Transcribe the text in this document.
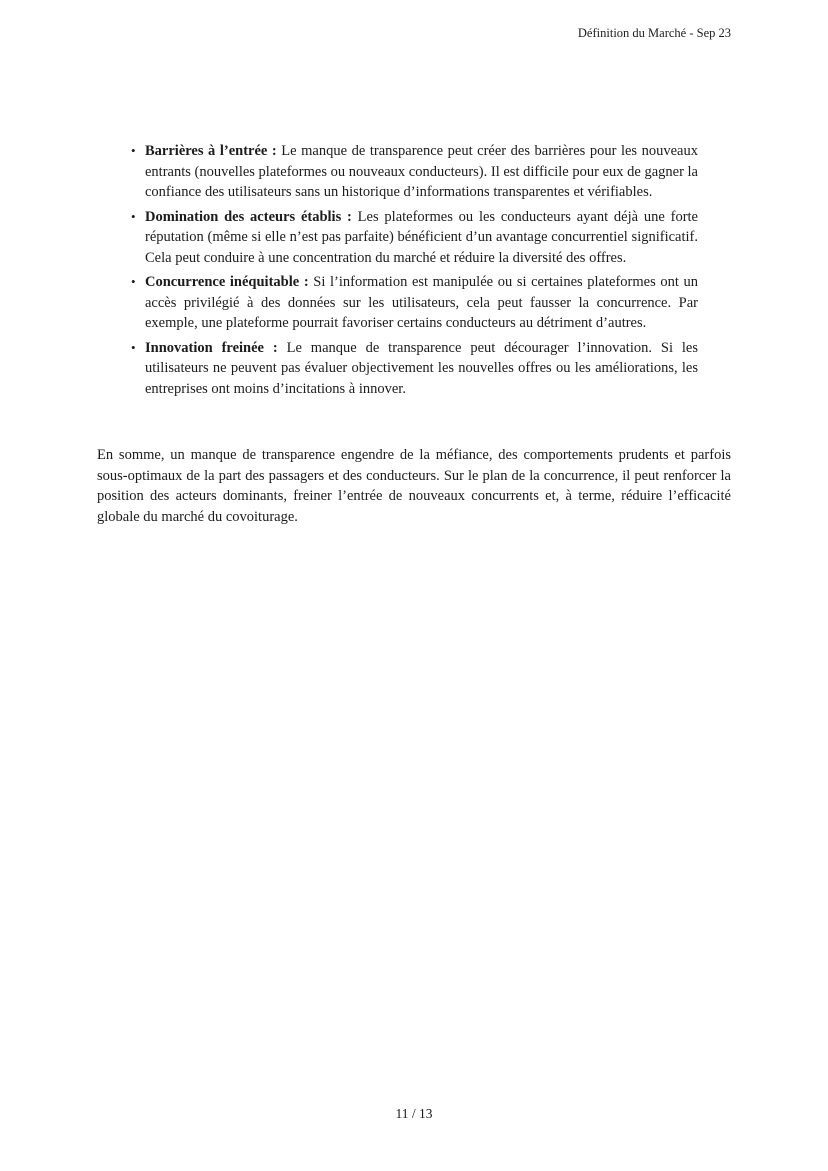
Définition du Marché - Sep 23
• Barrières à l’entrée : Le manque de transparence peut créer des barrières pour les nouveaux entrants (nouvelles plateformes ou nouveaux conducteurs). Il est difficile pour eux de gagner la confiance des utilisateurs sans un historique d’informations transparentes et vérifiables.
• Domination des acteurs établis : Les plateformes ou les conducteurs ayant déjà une forte réputation (même si elle n’est pas parfaite) bénéficient d’un avantage concurrentiel significatif. Cela peut conduire à une concentration du marché et réduire la diversité des offres.
• Concurrence inéquitable : Si l’information est manipulée ou si certaines plateformes ont un accès privilégié à des données sur les utilisateurs, cela peut fausser la concurrence. Par exemple, une plateforme pourrait favoriser certains conducteurs au détriment d’autres.
• Innovation freinée : Le manque de transparence peut décourager l’innovation. Si les utilisateurs ne peuvent pas évaluer objectivement les nouvelles offres ou les améliorations, les entreprises ont moins d’incitations à innover.

En somme, un manque de transparence engendre de la méfiance, des comportements prudents et parfois sous-optimaux de la part des passagers et des conducteurs. Sur le plan de la concurrence, il peut renforcer la position des acteurs dominants, freiner l’entrée de nouveaux concurrents et, à terme, réduire l’efficacité globale du marché du covoiturage.

11 / 13
